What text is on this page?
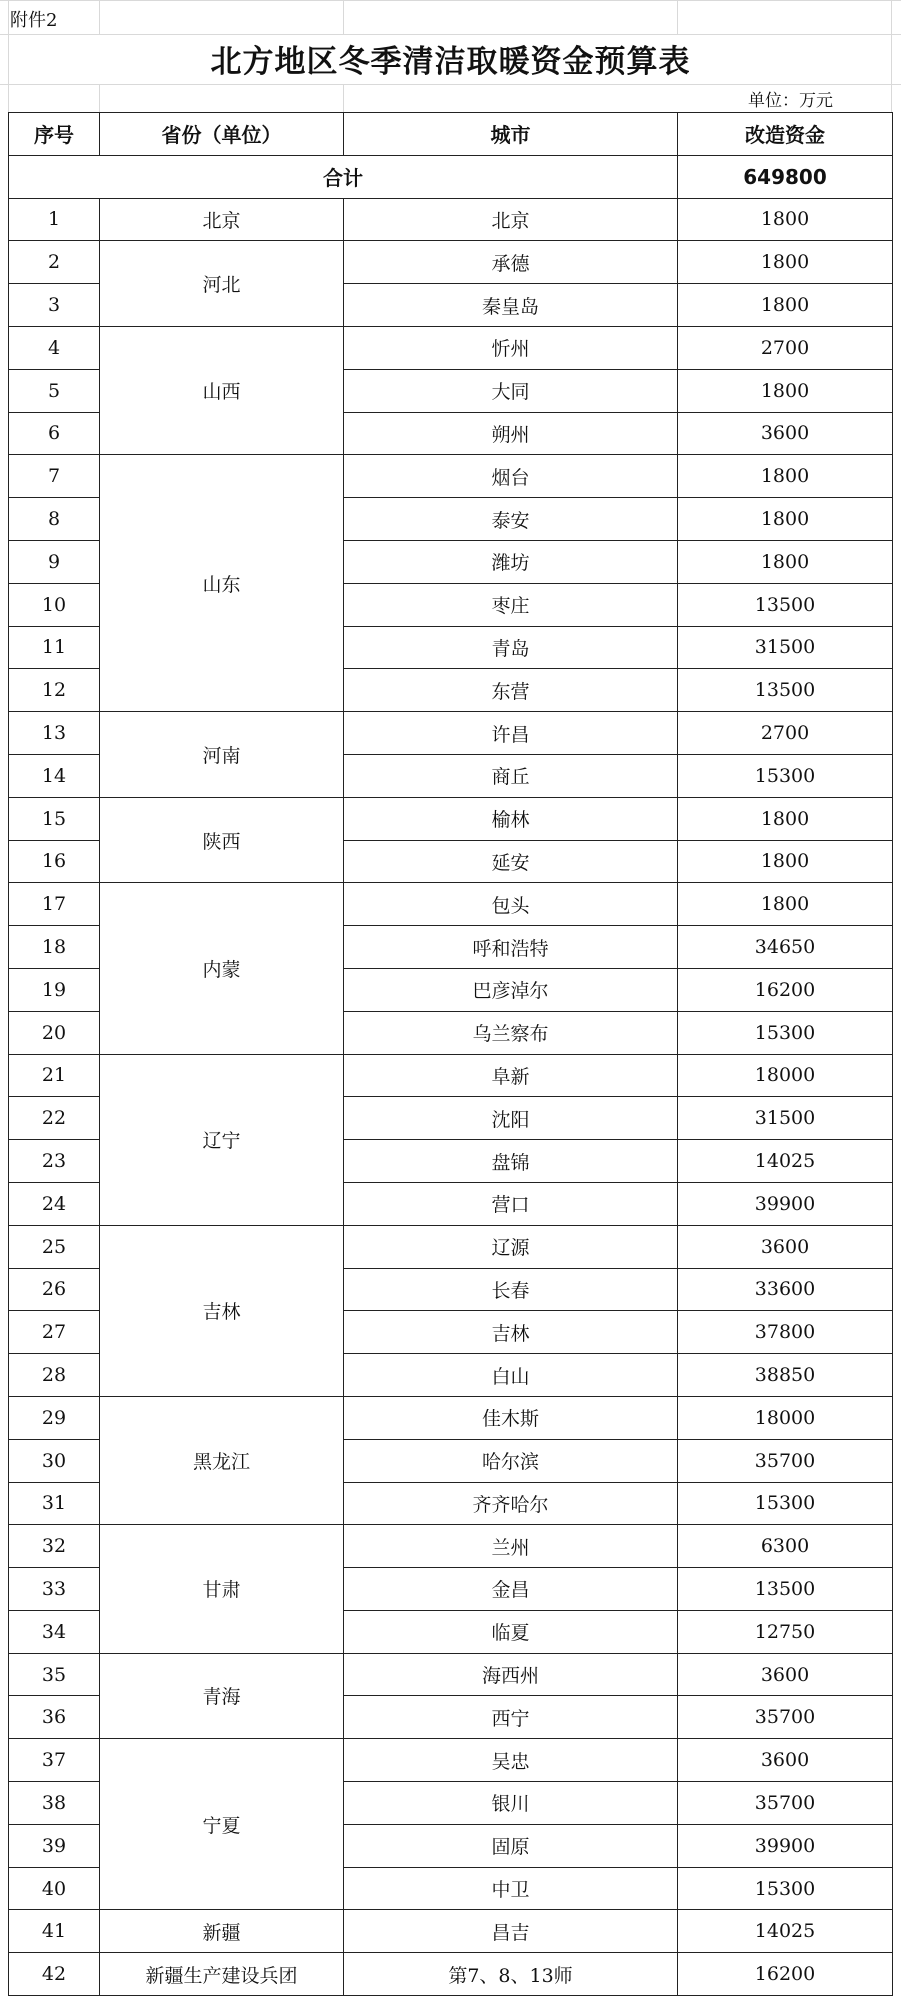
附件2
北方地区冬季清洁取暖资金预算表
单位：万元
序号	省份（单位）	城市	改造资金
合计			649800
1	北京	北京	1800
2	河北	承德	1800
3		秦皇岛	1800
4	山西	忻州	2700
5		大同	1800
6		朔州	3600
7	山东	烟台	1800
8		泰安	1800
9		潍坊	1800
10		枣庄	13500
11		青岛	31500
12		东营	13500
13	河南	许昌	2700
14		商丘	15300
15	陕西	榆林	1800
16		延安	1800
17	内蒙	包头	1800
18		呼和浩特	34650
19		巴彦淖尔	16200
20		乌兰察布	15300
21	辽宁	阜新	18000
22		沈阳	31500
23		盘锦	14025
24		营口	39900
25	吉林	辽源	3600
26		长春	33600
27		吉林	37800
28		白山	38850
29	黑龙江	佳木斯	18000
30		哈尔滨	35700
31		齐齐哈尔	15300
32	甘肃	兰州	6300
33		金昌	13500
34		临夏	12750
35	青海	海西州	3600
36		西宁	35700
37	宁夏	吴忠	3600
38		银川	35700
39		固原	39900
40		中卫	15300
41	新疆	昌吉	14025
42	新疆生产建设兵团	第7、8、13师	16200
